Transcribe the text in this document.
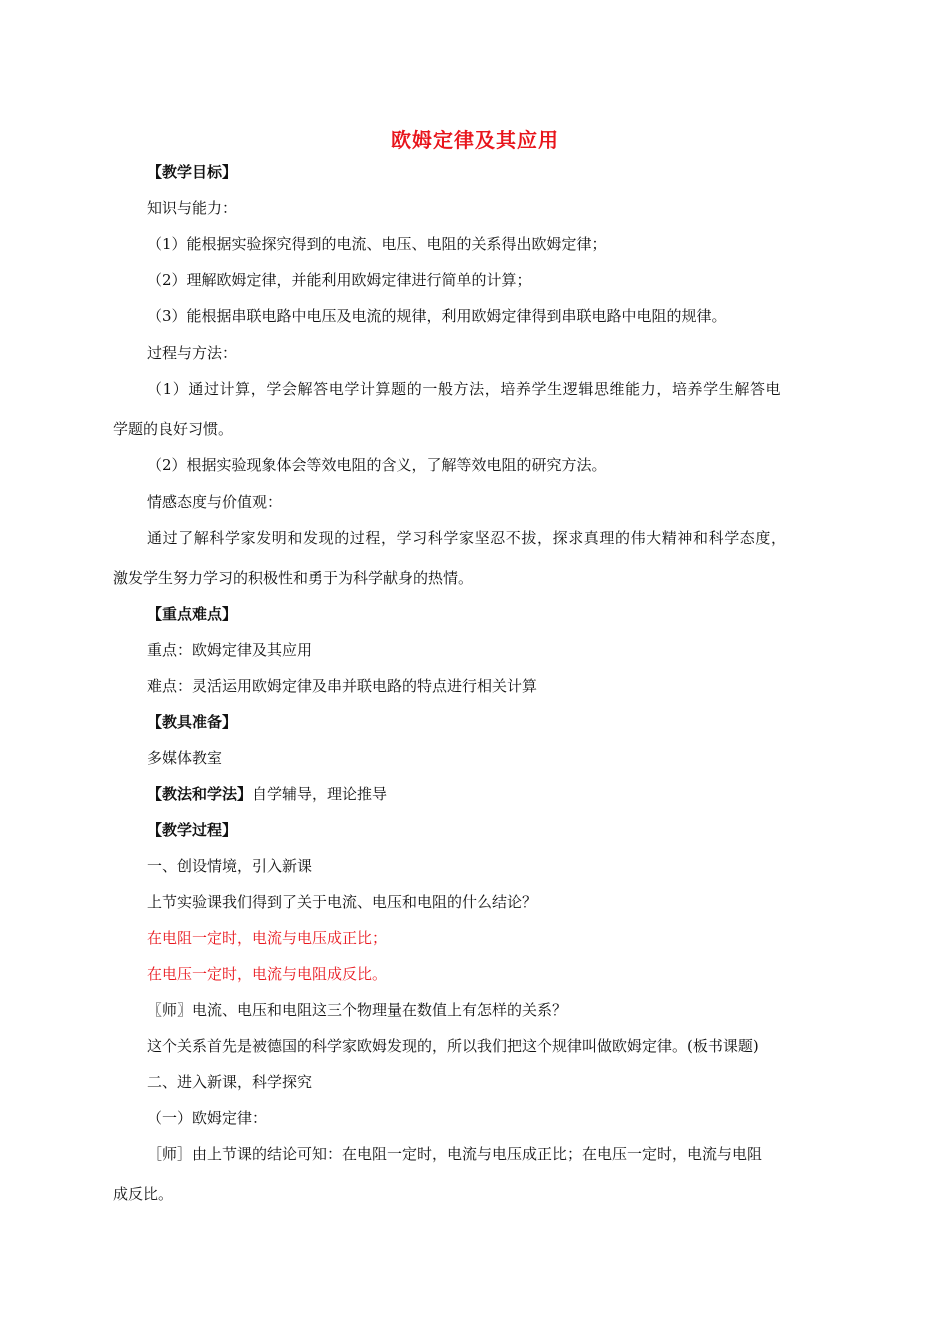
欧姆定律及其应用
【教学目标】
知识与能力：
（1）能根据实验探究得到的电流、电压、电阻的关系得出欧姆定律；
（2）理解欧姆定律，并能利用欧姆定律进行简单的计算；
（3）能根据串联电路中电压及电流的规律，利用欧姆定律得到串联电路中电阻的规律。
过程与方法：
（1）通过计算，学会解答电学计算题的一般方法，培养学生逻辑思维能力，培养学生解答电
学题的良好习惯。
（2）根据实验现象体会等效电阻的含义，了解等效电阻的研究方法。
情感态度与价值观：
通过了解科学家发明和发现的过程，学习科学家坚忍不拔，探求真理的伟大精神和科学态度，
激发学生努力学习的积极性和勇于为科学献身的热情。
【重点难点】
重点：欧姆定律及其应用
难点：灵活运用欧姆定律及串并联电路的特点进行相关计算
【教具准备】
多媒体教室
【教法和学法】自学辅导，理论推导
【教学过程】
一、创设情境，引入新课
上节实验课我们得到了关于电流、电压和电阻的什么结论？
在电阻一定时，电流与电压成正比；
在电压一定时，电流与电阻成反比。
〖师〗电流、电压和电阻这三个物理量在数值上有怎样的关系？
这个关系首先是被德国的科学家欧姆发现的，所以我们把这个规律叫做欧姆定律。(板书课题)
二、进入新课，科学探究
（一）欧姆定律：
［师］由上节课的结论可知：在电阻一定时，电流与电压成正比；在电压一定时，电流与电阻
成反比。
